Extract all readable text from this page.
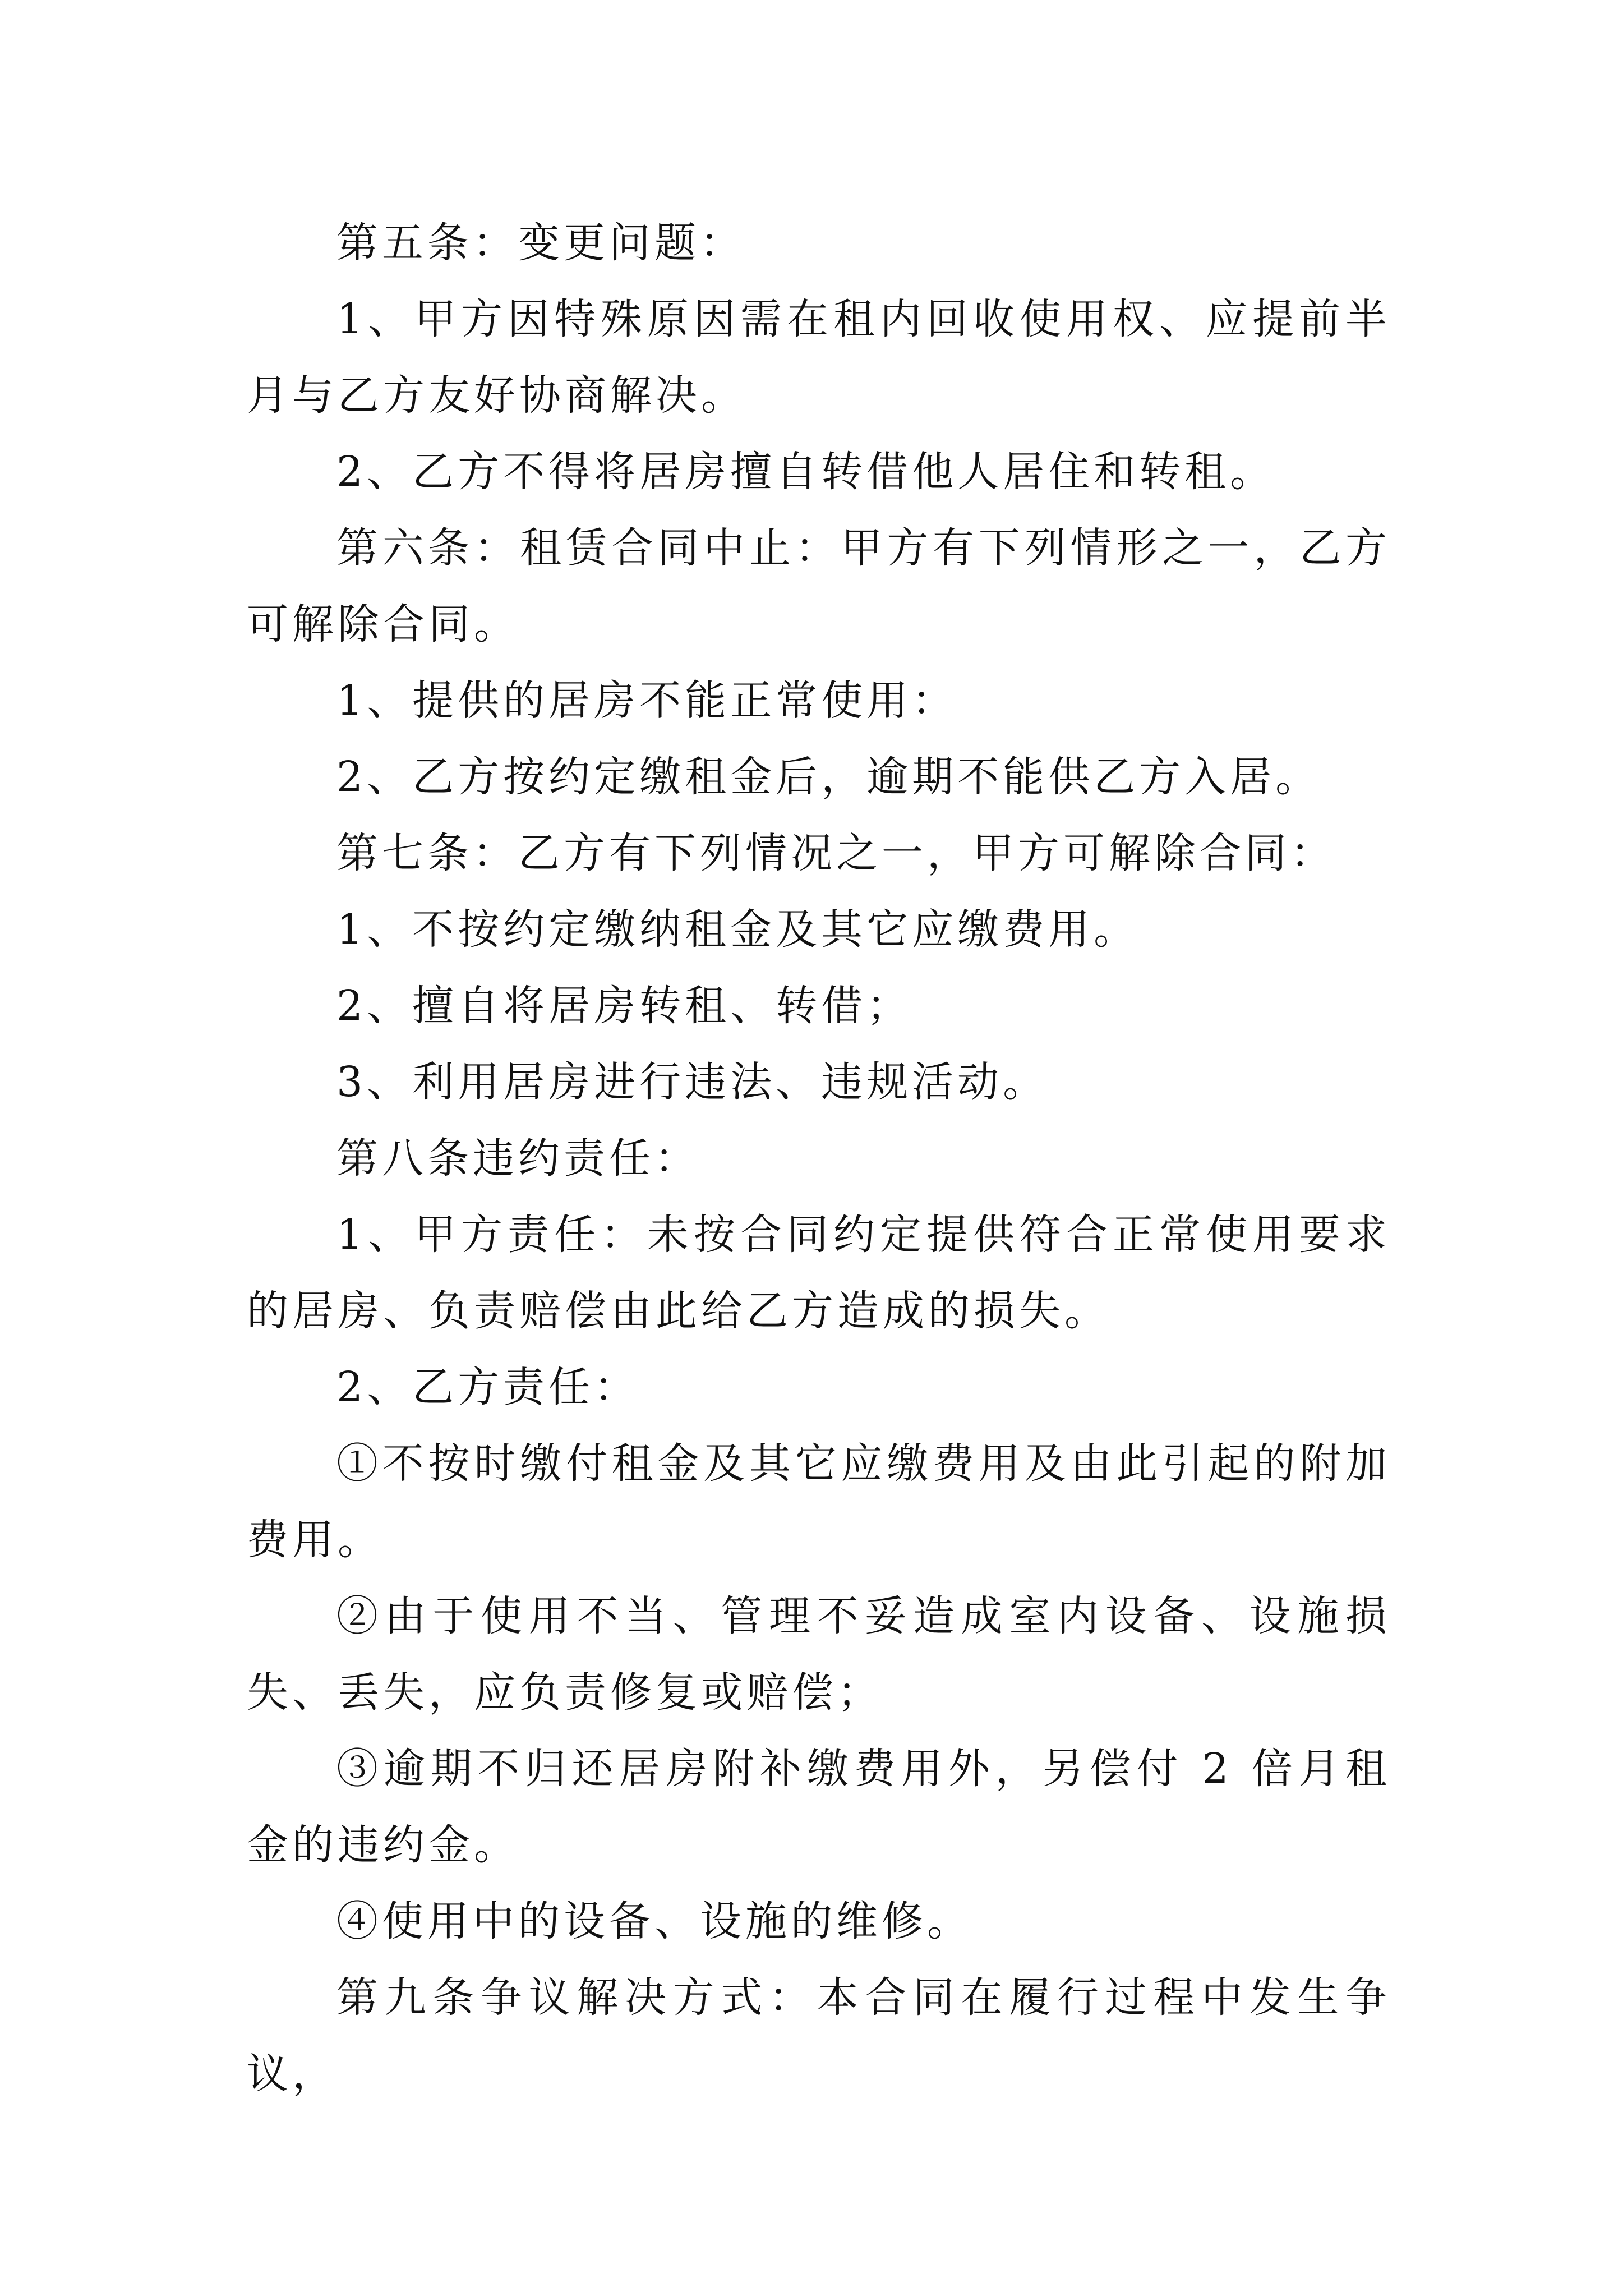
第五条：变更问题：

1、甲方因特殊原因需在租内回收使用权、应提前半月与乙方友好协商解决。

2、乙方不得将居房擅自转借他人居住和转租。

第六条：租赁合同中止：甲方有下列情形之一，乙方可解除合同。

1、提供的居房不能正常使用：

2、乙方按约定缴租金后，逾期不能供乙方入居。

第七条：乙方有下列情况之一，甲方可解除合同：

1、不按约定缴纳租金及其它应缴费用。

2、擅自将居房转租、转借；

3、利用居房进行违法、违规活动。

第八条违约责任：

1、甲方责任：未按合同约定提供符合正常使用要求的居房、负责赔偿由此给乙方造成的损失。

2、乙方责任：

①不按时缴付租金及其它应缴费用及由此引起的附加费用。

②由于使用不当、管理不妥造成室内设备、设施损失、丢失，应负责修复或赔偿；

③逾期不归还居房附补缴费用外，另偿付 2 倍月租金的违约金。

④使用中的设备、设施的维修。

第九条争议解决方式：本合同在履行过程中发生争议，
